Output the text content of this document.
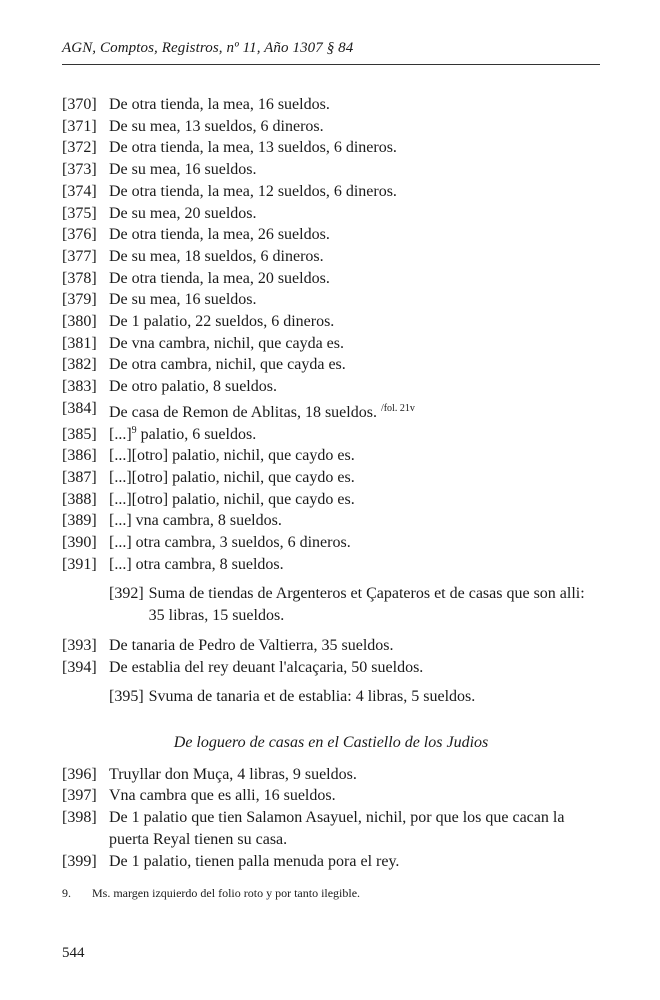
AGN, Comptos, Registros, nº 11, Año 1307 § 84
[370] De otra tienda, la mea, 16 sueldos.
[371] De su mea, 13 sueldos, 6 dineros.
[372] De otra tienda, la mea, 13 sueldos, 6 dineros.
[373] De su mea, 16 sueldos.
[374] De otra tienda, la mea, 12 sueldos, 6 dineros.
[375] De su mea, 20 sueldos.
[376] De otra tienda, la mea, 26 sueldos.
[377] De su mea, 18 sueldos, 6 dineros.
[378] De otra tienda, la mea, 20 sueldos.
[379] De su mea, 16 sueldos.
[380] De 1 palatio, 22 sueldos, 6 dineros.
[381] De vna cambra, nichil, que cayda es.
[382] De otra cambra, nichil, que cayda es.
[383] De otro palatio, 8 sueldos.
[384] De casa de Remon de Ablitas, 18 sueldos. $^{/fol. 21v}$
[385] [...]$^9$ palatio, 6 sueldos.
[386] [...][otro] palatio, nichil, que caydo es.
[387] [...][otro] palatio, nichil, que caydo es.
[388] [...][otro] palatio, nichil, que caydo es.
[389] [...] vna cambra, 8 sueldos.
[390] [...] otra cambra, 3 sueldos, 6 dineros.
[391] [...] otra cambra, 8 sueldos.
[392] Suma de tiendas de Argenteros et Çapateros et de casas que son alli: 35 libras, 15 sueldos.
[393] De tanaria de Pedro de Valtierra, 35 sueldos.
[394] De establia del rey deuant l'alcaçaria, 50 sueldos.
[395] Svuma de tanaria et de establia: 4 libras, 5 sueldos.
De loguero de casas en el Castiello de los Judios
[396] Truyllar don Muça, 4 libras, 9 sueldos.
[397] Vna cambra que es alli, 16 sueldos.
[398] De 1 palatio que tien Salamon Asayuel, nichil, por que los que cacan la puerta Reyal tienen su casa.
[399] De 1 palatio, tienen palla menuda pora el rey.
9.	Ms. margen izquierdo del folio roto y por tanto ilegible.
544
